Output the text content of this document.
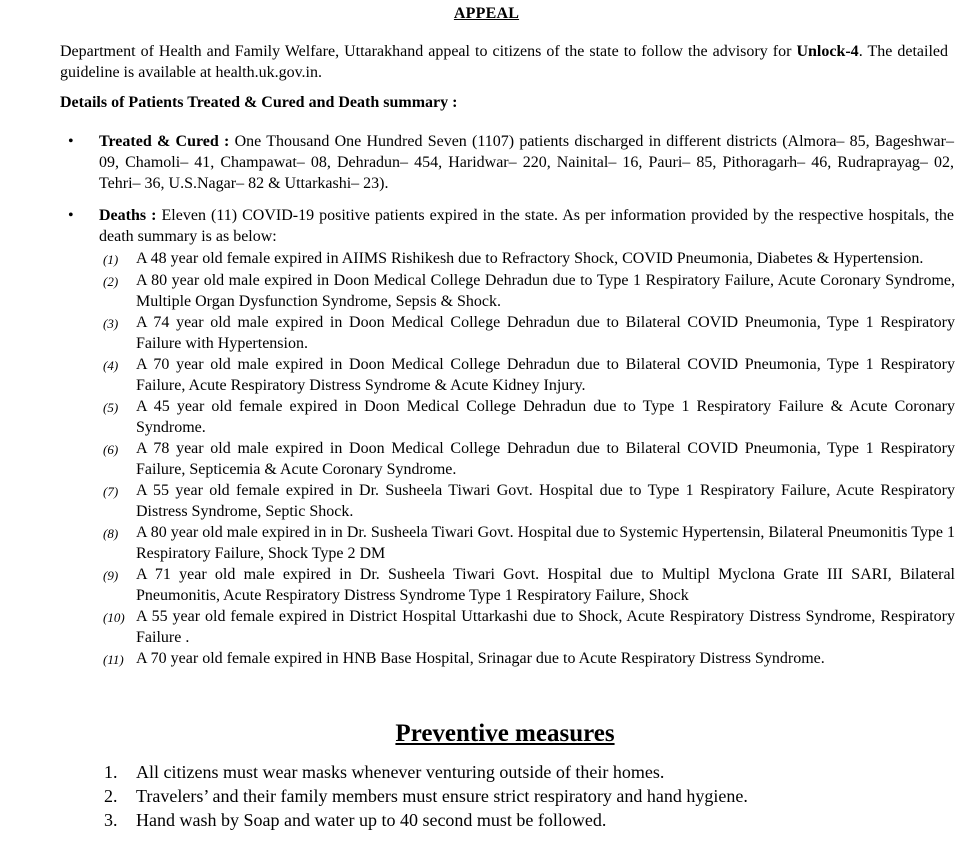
APPEAL
Department of Health and Family Welfare, Uttarakhand appeal to citizens of the state to follow the advisory for Unlock-4. The detailed guideline is available at health.uk.gov.in.
Details of Patients Treated & Cured and Death summary :
• Treated & Cured : One Thousand One Hundred Seven (1107) patients discharged in different districts (Almora– 85, Bageshwar– 09, Chamoli– 41, Champawat– 08, Dehradun– 454, Haridwar– 220, Nainital– 16, Pauri– 85, Pithoragarh– 46, Rudraprayag– 02, Tehri– 36, U.S.Nagar– 82 & Uttarkashi– 23).
• Deaths : Eleven (11) COVID-19 positive patients expired in the state. As per information provided by the respective hospitals, the death summary is as below:
(1)	A 48 year old female expired in AIIMS Rishikesh due to Refractory Shock, COVID Pneumonia, Diabetes & Hypertension.
(2)	A 80 year old male expired in Doon Medical College Dehradun due to Type 1 Respiratory Failure, Acute Coronary Syndrome, Multiple Organ Dysfunction Syndrome, Sepsis & Shock.
(3)	A 74 year old male expired in Doon Medical College Dehradun due to Bilateral COVID Pneumonia, Type 1 Respiratory Failure with Hypertension.
(4)	A 70 year old male expired in Doon Medical College Dehradun due to Bilateral COVID Pneumonia, Type 1 Respiratory Failure, Acute Respiratory Distress Syndrome & Acute Kidney Injury.
(5)	A 45 year old female expired in Doon Medical College Dehradun due to Type 1 Respiratory Failure & Acute Coronary Syndrome.
(6)	A 78 year old male expired in Doon Medical College Dehradun due to Bilateral COVID Pneumonia, Type 1 Respiratory Failure, Septicemia & Acute Coronary Syndrome.
(7)	A 55 year old female expired in Dr. Susheela Tiwari Govt. Hospital due to Type 1 Respiratory Failure, Acute Respiratory Distress Syndrome, Septic Shock.
(8)	A 80 year old male expired in in Dr. Susheela Tiwari Govt. Hospital due to Systemic Hypertensin, Bilateral Pneumonitis Type 1 Respiratory Failure, Shock Type 2 DM
(9)	A 71 year old male expired in Dr. Susheela Tiwari Govt. Hospital due to Multipl Myclona Grate III SARI, Bilateral Pneumonitis, Acute Respiratory Distress Syndrome Type 1 Respiratory Failure, Shock
(10) A 55 year old female expired in District Hospital Uttarkashi due to Shock, Acute Respiratory Distress Syndrome, Respiratory Failure .
(11) A 70 year old female expired in HNB Base Hospital, Srinagar due to Acute Respiratory Distress Syndrome.
Preventive measures
1.	All citizens must wear masks whenever venturing outside of their homes.
2.	Travelers’ and their family members must ensure strict respiratory and hand hygiene.
3.	Hand wash by Soap and water up to 40 second must be followed.
